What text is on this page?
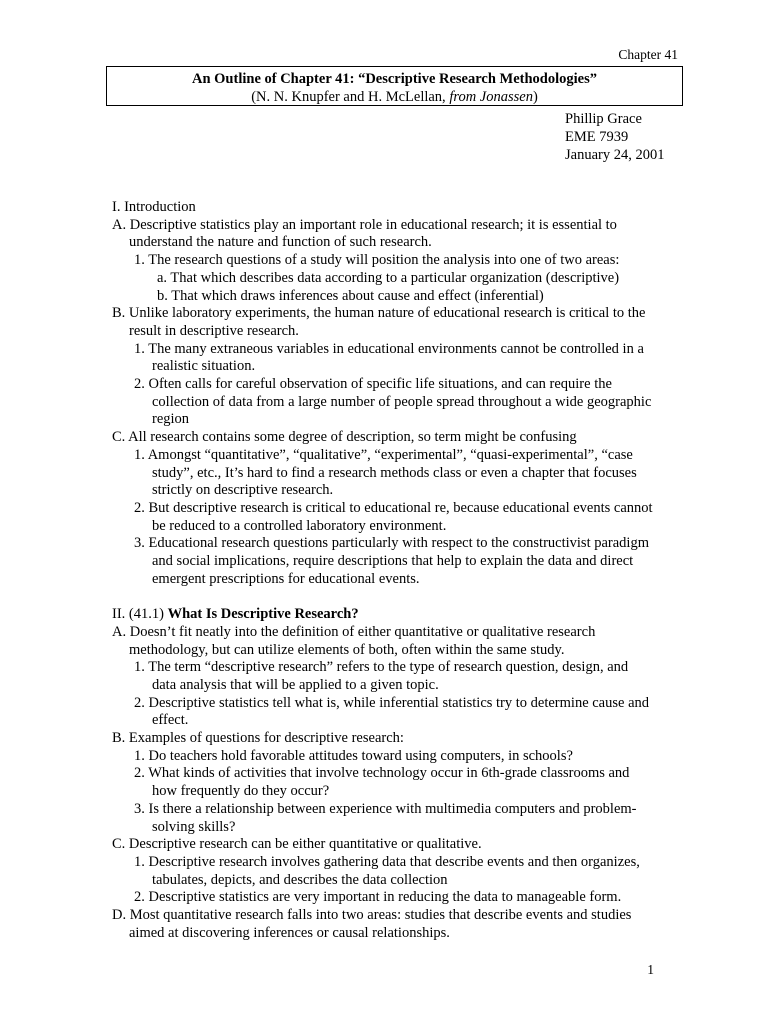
Chapter 41
An Outline of Chapter 41: “Descriptive Research Methodologies”
(N. N. Knupfer and H. McLellan, from Jonassen)
Phillip Grace
EME 7939
January 24, 2001
I. Introduction
A. Descriptive statistics play an important role in educational research; it is essential to
understand the nature and function of such research.
1. The research questions of a study will position the analysis into one of two areas:
a. That which describes data according to a particular organization (descriptive)
b. That which draws inferences about cause and effect (inferential)
B. Unlike laboratory experiments, the human nature of educational research is critical to the
result in descriptive research.
1. The many extraneous variables in educational environments cannot be controlled in a
realistic situation.
2. Often calls for careful observation of specific life situations, and can require the
collection of data from a large number of people spread throughout a wide geographic
region
C. All research contains some degree of description, so term might be confusing
1. Amongst “quantitative”, “qualitative”, “experimental”, “quasi-experimental”, “case
study”, etc., It’s hard to find a research methods class or even a chapter that focuses
strictly on descriptive research.
2. But descriptive research is critical to educational re, because educational events cannot
be reduced to a controlled laboratory environment.
3. Educational research questions particularly with respect to the constructivist paradigm
and social implications, require descriptions that help to explain the data and direct
emergent prescriptions for educational events.
II. (41.1) What Is Descriptive Research?
A. Doesn’t fit neatly into the definition of either quantitative or qualitative research
methodology, but can utilize elements of both, often within the same study.
1. The term “descriptive research” refers to the type of research question, design, and
data analysis that will be applied to a given topic.
2. Descriptive statistics tell what is, while inferential statistics try to determine cause and
effect.
B. Examples of questions for descriptive research:
1. Do teachers hold favorable attitudes toward using computers, in schools?
2. What kinds of activities that involve technology occur in 6th-grade classrooms and
how frequently do they occur?
3. Is there a relationship between experience with multimedia computers and problem-
solving skills?
C. Descriptive research can be either quantitative or qualitative.
1. Descriptive research involves gathering data that describe events and then organizes,
tabulates, depicts, and describes the data collection
2. Descriptive statistics are very important in reducing the data to manageable form.
D. Most quantitative research falls into two areas: studies that describe events and studies
aimed at discovering inferences or causal relationships.
1
